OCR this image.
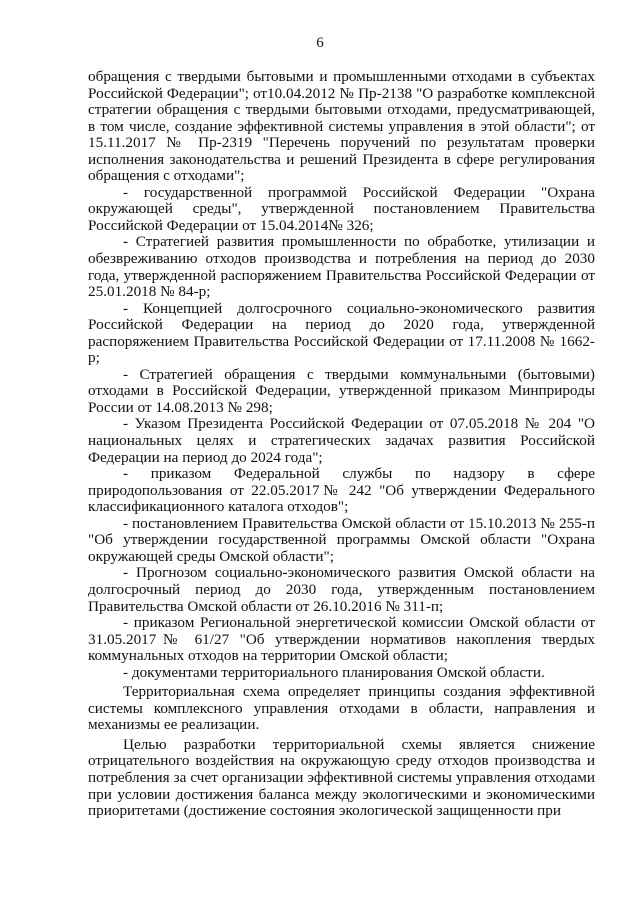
6

обращения с твердыми бытовыми и промышленными отходами в субъектах Российской Федерации"; от10.04.2012 № Пр-2138 "О разработке комплексной стратегии обращения с твердыми бытовыми отходами, предусматривающей, в том числе, создание эффективной системы управления в этой области"; от 15.11.2017 № Пр-2319 "Перечень поручений по результатам проверки исполнения законодательства и решений Президента в сфере регулирования обращения с отходами";

- государственной программой Российской Федерации "Охрана окружающей среды", утвержденной постановлением Правительства Российской Федерации от 15.04.2014№ 326;

- Стратегией развития промышленности по обработке, утилизации и обезвреживанию отходов производства и потребления на период до 2030 года, утвержденной распоряжением Правительства Российской Федерации от 25.01.2018 № 84-р;

- Концепцией долгосрочного социально-экономического развития Российской Федерации на период до 2020 года, утвержденной распоряжением Правительства Российской Федерации от 17.11.2008 № 1662-р;

- Стратегией обращения с твердыми коммунальными (бытовыми) отходами в Российской Федерации, утвержденной приказом Минприроды России от 14.08.2013 № 298;

- Указом Президента Российской Федерации от 07.05.2018 № 204 "О национальных целях и стратегических задачах развития Российской Федерации на период до 2024 года";

- приказом Федеральной службы по надзору в сфере природопользования от 22.05.2017№ 242 "Об утверждении Федерального классификационного каталога отходов";

- постановлением Правительства Омской области от 15.10.2013 № 255-п "Об утверждении государственной программы Омской области "Охрана окружающей среды Омской области";

- Прогнозом социально-экономического развития Омской области на долгосрочный период до 2030 года, утвержденным постановлением Правительства Омской области от 26.10.2016 № 311-п;

- приказом Региональной энергетической комиссии Омской области от 31.05.2017№ 61/27 "Об утверждении нормативов накопления твердых коммунальных отходов на территории Омской области;

- документами территориального планирования Омской области.

Территориальная схема определяет принципы создания эффективной системы комплексного управления отходами в области, направления и механизмы ее реализации.

Целью разработки территориальной схемы является снижение отрицательного воздействия на окружающую среду отходов производства и потребления за счет организации эффективной системы управления отходами при условии достижения баланса между экологическими и экономическими приоритетами (достижение состояния экологической защищенности при
